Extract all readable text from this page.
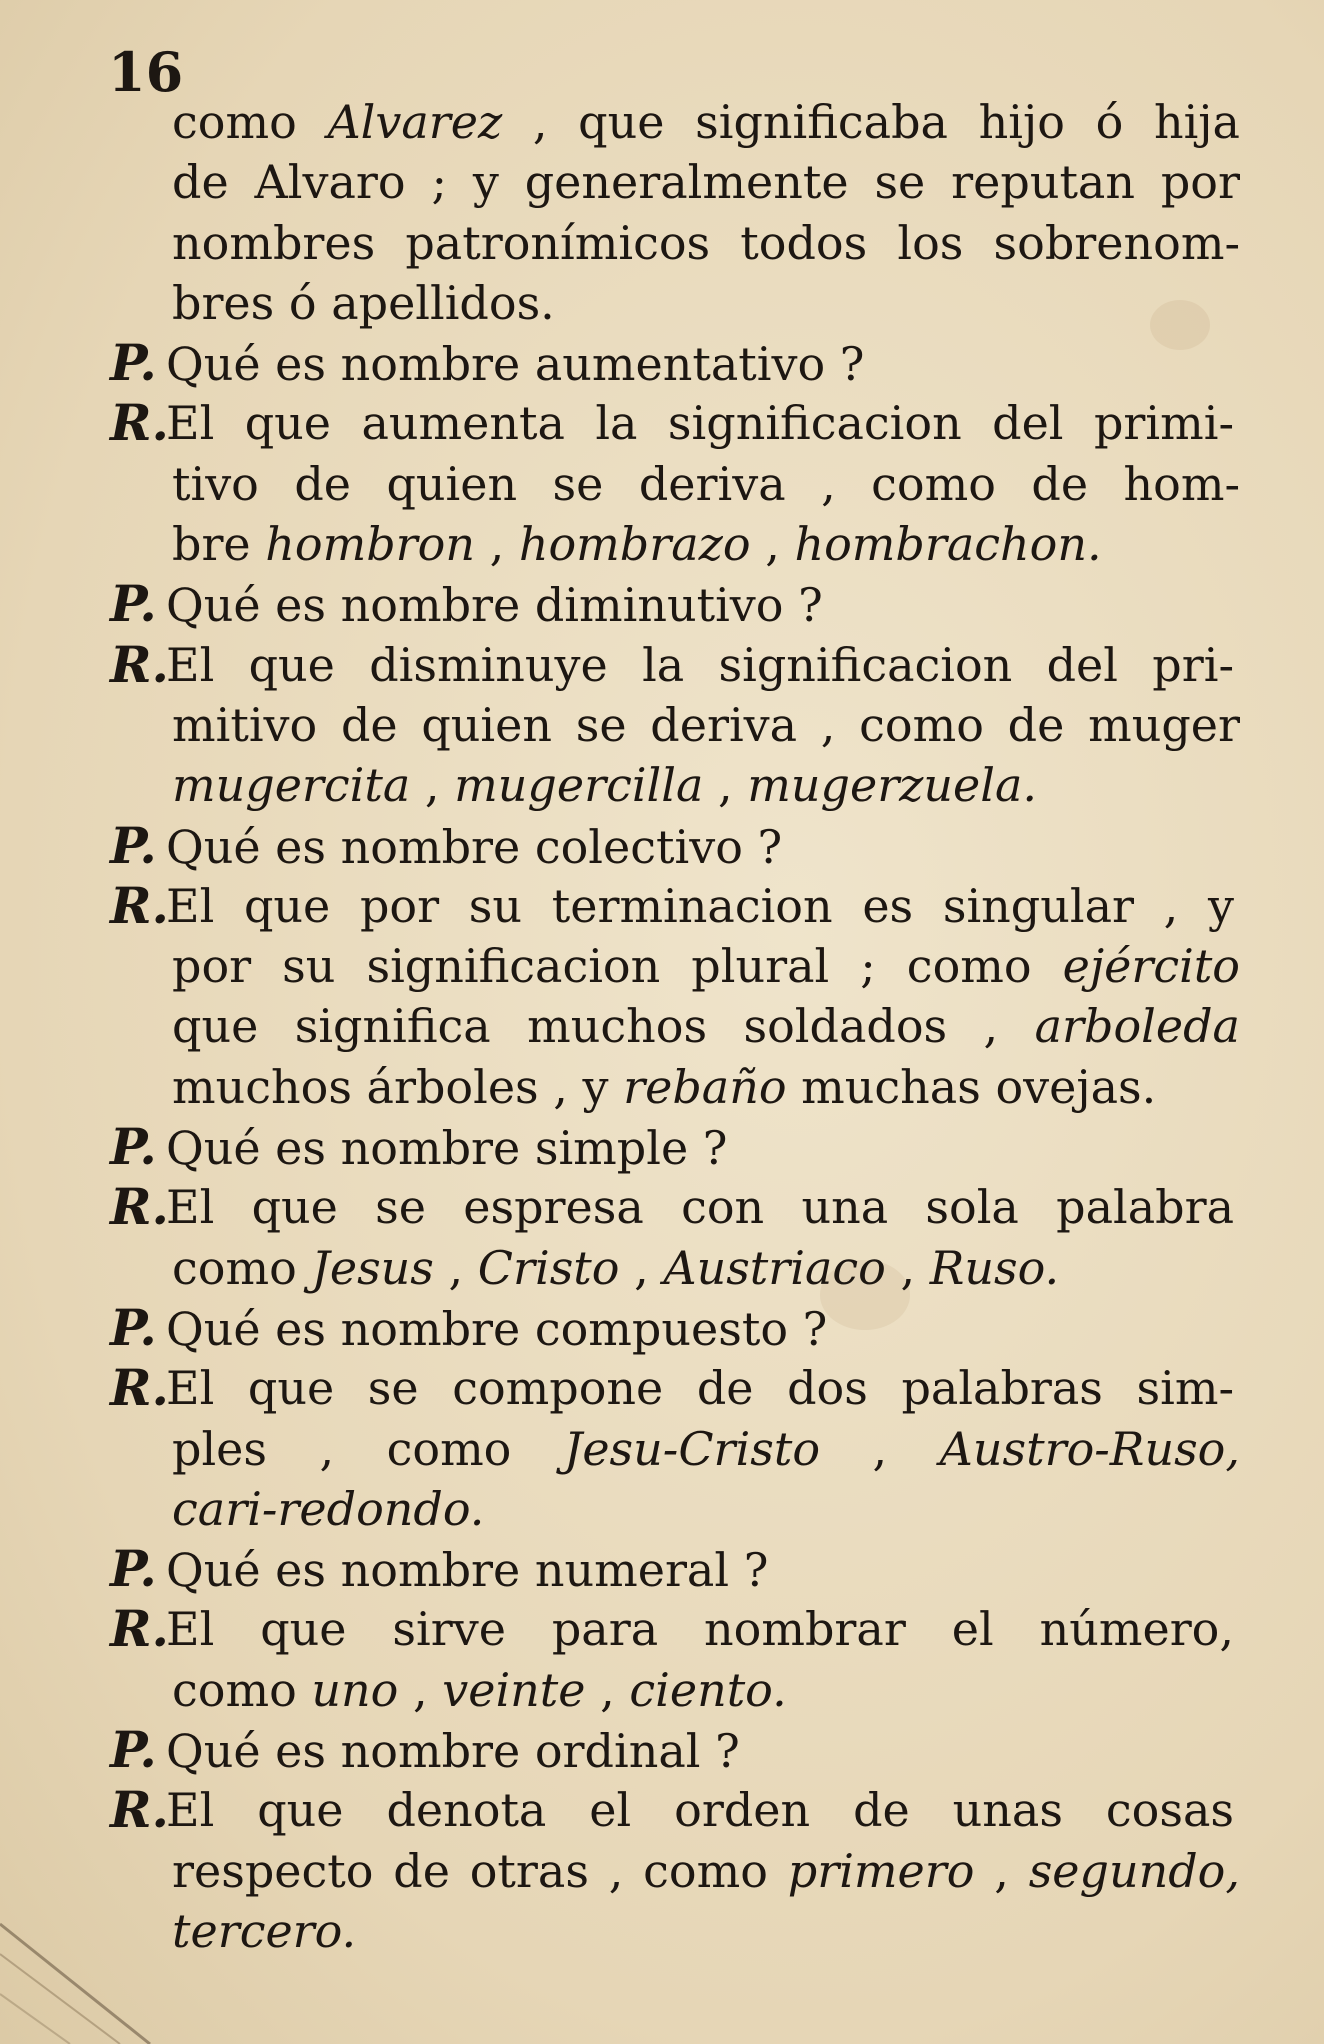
16
como Alvarez , que significaba hijo ó hija
de Alvaro ; y generalmente se reputan por
nombres patronímicos todos los sobrenom-
bres ó apellidos.
P. Qué es nombre aumentativo ?
R.El que aumenta la significacion del primi-
tivo de quien se deriva , como de hom-
bre hombron , hombrazo , hombrachon.
P. Qué es nombre diminutivo ?
R.El que disminuye la significacion del pri-
mitivo de quien se deriva , como de muger
mugercita , mugercilla , mugerzuela.
P. Qué es nombre colectivo ?
R.El que por su terminacion es singular , y
por su significacion plural ; como ejército
que significa muchos soldados , arboleda
muchos árboles , y rebaño muchas ovejas.
P. Qué es nombre simple ?
R.El que se espresa con una sola palabra
como Jesus , Cristo , Austriaco , Ruso.
P. Qué es nombre compuesto ?
R.El que se compone de dos palabras sim-
ples , como Jesu-Cristo , Austro-Ruso,
cari-redondo.
P. Qué es nombre numeral ?
R.El que sirve para nombrar el número,
como uno , veinte , ciento.
P. Qué es nombre ordinal ?
R.El que denota el orden de unas cosas
respecto de otras , como primero , segundo,
tercero.
